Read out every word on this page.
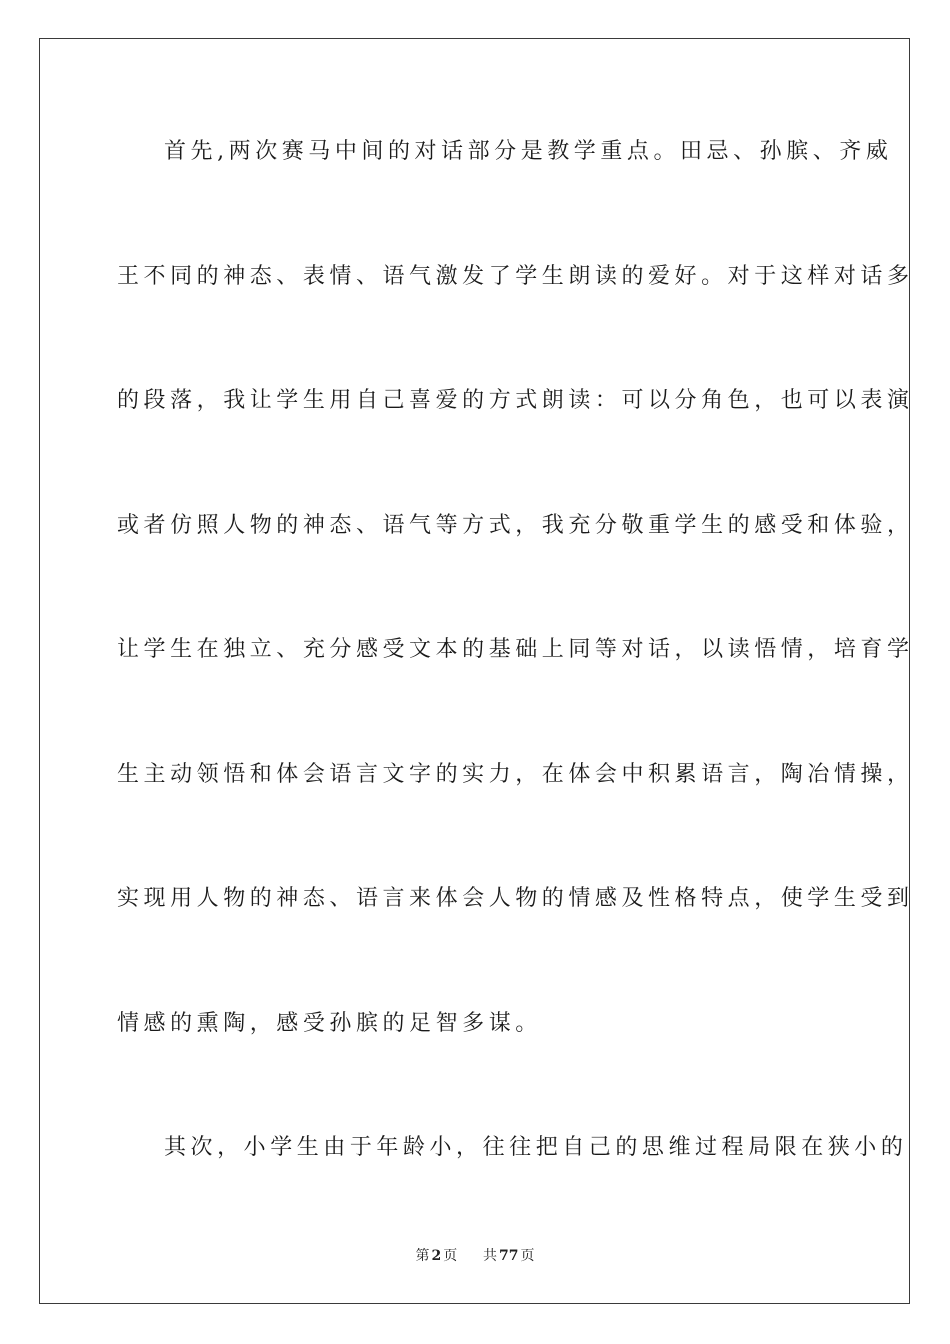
首先,两次赛马中间的对话部分是教学重点。田忌、孙膑、齐威
王不同的神态、表情、语气激发了学生朗读的爱好。对于这样对话多
的段落，我让学生用自己喜爱的方式朗读：可以分角色，也可以表演
或者仿照人物的神态、语气等方式，我充分敬重学生的感受和体验，
让学生在独立、充分感受文本的基础上同等对话，以读悟情，培育学
生主动领悟和体会语言文字的实力，在体会中积累语言，陶冶情操，
实现用人物的神态、语言来体会人物的情感及性格特点，使学生受到
情感的熏陶，感受孙膑的足智多谋。
其次，小学生由于年龄小，往往把自己的思维过程局限在狭小的
第 2 页 共 77 页
